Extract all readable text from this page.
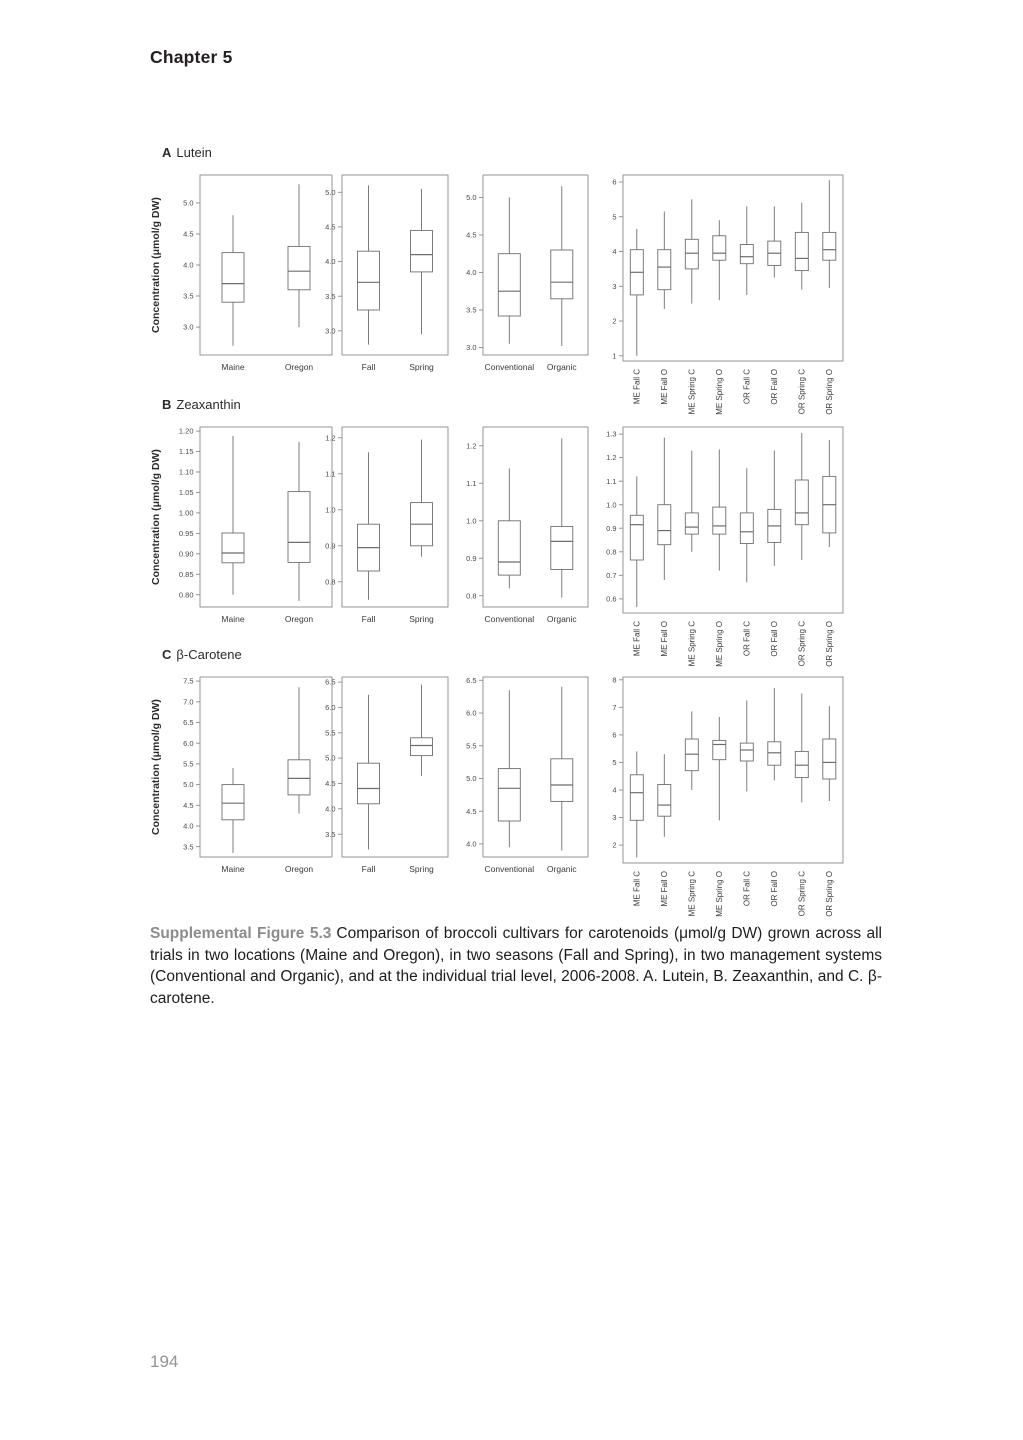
Chapter 5
A Lutein
Concentration (μmol/g DW)	3.0
3.5
4.0
4.5
5.0
Maine	Oregon
3.0
3.5
4.0
4.5
5.0
Fall	Spring
3.0
3.5
4.0
4.5
5.0
Conventional Organic
1
2
3
4
5
6
ME Fall C ME Fall O ME Spring C ME Spring O OR Fall C OR Fall O OR Spring C OR Spring O
B Zeaxanthin
Concentration (μmol/g DW)
0.80
0.85
0.90
0.95
1.00
1.05
1.10
1.15
1.20
Maine	Oregon
0.8
0.9
1.0
1.1
1.2
Fall	Spring
0.8
0.9
1.0
1.1
1.2
Conventional Organic
0.6
0.7
0.8
0.9
1.0
1.1
1.2
1.3
ME Fall C ME Fall O ME Spring C ME Spring O OR Fall C OR Fall O OR Spring C OR Spring O
C β-Carotene
Concentration (μmol/g DW)
3.5
4.0
4.5
5.0
5.5
6.0
6.5
7.0
7.5
Maine	Oregon
3.5
4.0
4.5
5.0
5.5
6.0
6.5
Fall	Spring
4.0
4.5
5.0
5.5
6.0
6.5
Conventional Organic
2
3
4
5
6
7
8
ME Fall C ME Fall O ME Spring C ME Spring O OR Fall C OR Fall O OR Spring C OR Spring O

Supplemental Figure 5.3 Comparison of broccoli cultivars for carotenoids (μmol/g DW) grown across all trials in two locations (Maine and Oregon), in two seasons (Fall and Spring), in two management systems (Conventional and Organic), and at the individual trial level, 2006-2008. A. Lutein, B. Zeaxanthin, and C. β-carotene.

194
